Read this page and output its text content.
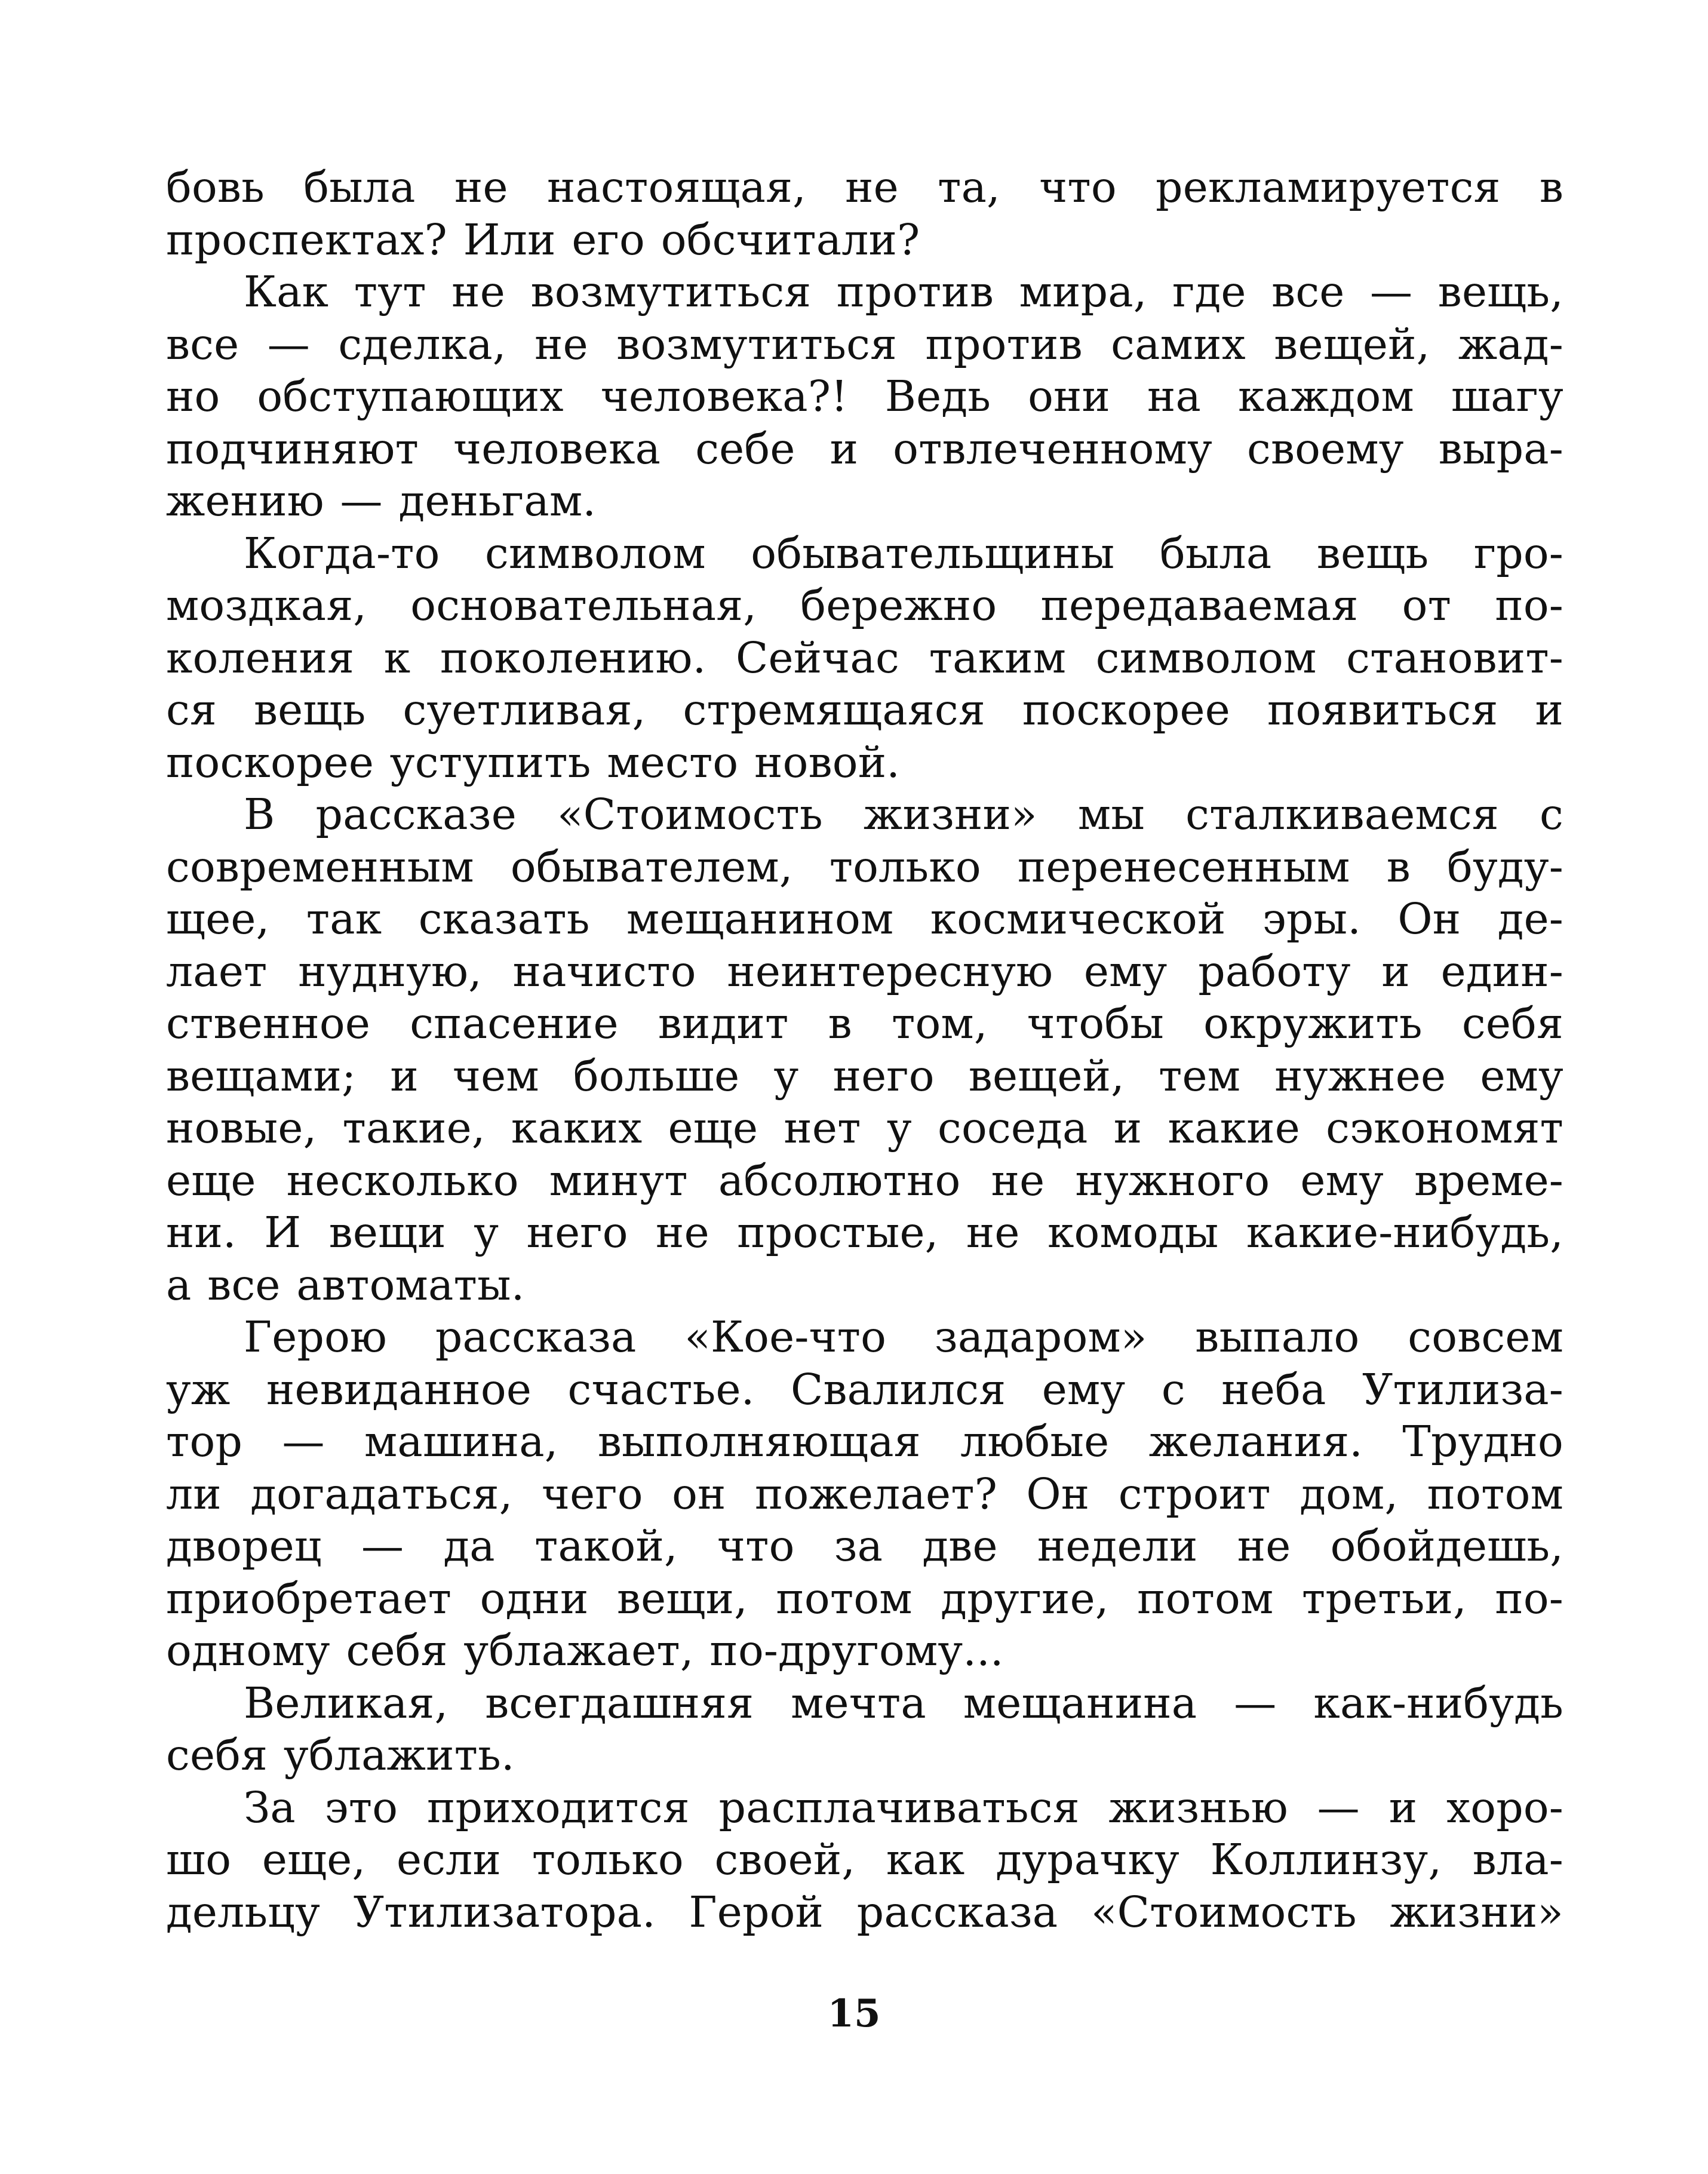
бовь была не настоящая, не та, что рекламируется в
проспектах? Или его обсчитали?
Как тут не возмутиться против мира, где все — вещь,
все — сделка, не возмутиться против самих вещей, жад-
но обступающих человека?! Ведь они на каждом шагу
подчиняют человека себе и отвлеченному своему выра-
жению — деньгам.
Когда-то символом обывательщины была вещь гро-
моздкая, основательная, бережно передаваемая от по-
коления к поколению. Сейчас таким символом становит-
ся вещь суетливая, стремящаяся поскорее появиться и
поскорее уступить место новой.
В рассказе «Стоимость жизни» мы сталкиваемся с
современным обывателем, только перенесенным в буду-
щее, так сказать мещанином космической эры. Он де-
лает нудную, начисто неинтересную ему работу и един-
ственное спасение видит в том, чтобы окружить себя
вещами; и чем больше у него вещей, тем нужнее ему
новые, такие, каких еще нет у соседа и какие сэкономят
еще несколько минут абсолютно не нужного ему време-
ни. И вещи у него не простые, не комоды какие-нибудь,
а все автоматы.
Герою рассказа «Кое-что задаром» выпало совсем
уж невиданное счастье. Свалился ему с неба Утилиза-
тор — машина, выполняющая любые желания. Трудно
ли догадаться, чего он пожелает? Он строит дом, потом
дворец — да такой, что за две недели не обойдешь,
приобретает одни вещи, потом другие, потом третьи, по-
одному себя ублажает, по-другому...
Великая, всегдашняя мечта мещанина — как-нибудь
себя ублажить.
За это приходится расплачиваться жизнью — и хоро-
шо еще, если только своей, как дурачку Коллинзу, вла-
дельцу Утилизатора. Герой рассказа «Стоимость жизни»
15
